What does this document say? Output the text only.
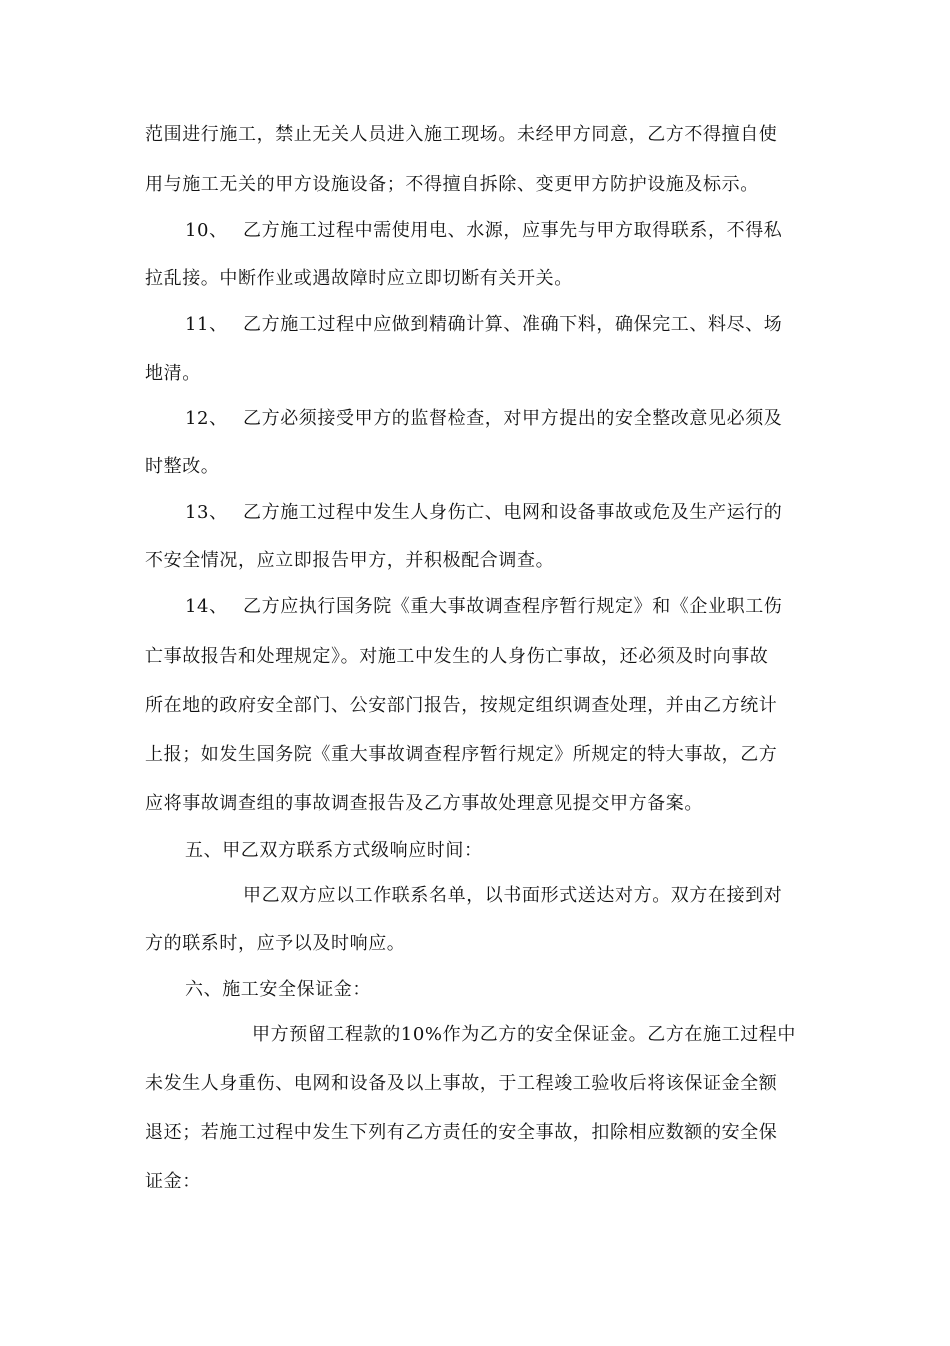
范围进行施工，禁止无关人员进入施工现场。未经甲方同意，乙方不得擅自使
用与施工无关的甲方设施设备；不得擅自拆除、变更甲方防护设施及标示。
10、 乙方施工过程中需使用电、水源，应事先与甲方取得联系，不得私
拉乱接。中断作业或遇故障时应立即切断有关开关。
11、 乙方施工过程中应做到精确计算、准确下料，确保完工、料尽、场
地清。
12、 乙方必须接受甲方的监督检查，对甲方提出的安全整改意见必须及
时整改。
13、 乙方施工过程中发生人身伤亡、电网和设备事故或危及生产运行的
不安全情况，应立即报告甲方，并积极配合调查。
14、 乙方应执行国务院《重大事故调查程序暂行规定》和《企业职工伤
亡事故报告和处理规定》。对施工中发生的人身伤亡事故，还必须及时向事故
所在地的政府安全部门、公安部门报告，按规定组织调查处理，并由乙方统计
上报；如发生国务院《重大事故调查程序暂行规定》所规定的特大事故，乙方
应将事故调查组的事故调查报告及乙方事故处理意见提交甲方备案。
五、甲乙双方联系方式级响应时间：
甲乙双方应以工作联系名单，以书面形式送达对方。双方在接到对
方的联系时，应予以及时响应。
六、施工安全保证金：
甲方预留工程款的10%作为乙方的安全保证金。乙方在施工过程中
未发生人身重伤、电网和设备及以上事故，于工程竣工验收后将该保证金全额
退还；若施工过程中发生下列有乙方责任的安全事故，扣除相应数额的安全保
证金：
